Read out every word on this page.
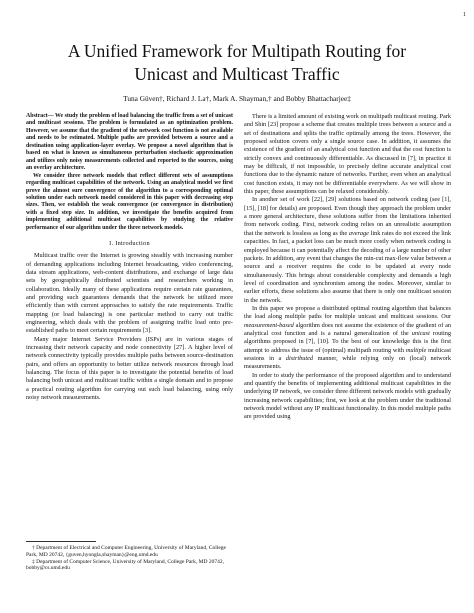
1
A Unified Framework for Multipath Routing for
Unicast and Multicast Traffic
Tuna Güven†, Richard J. La†, Mark A. Shayman,† and Bobby Bhattacharjee‡

Abstract— We study the problem of load balancing the traffic from a set of unicast and multicast sessions. The problem is formulated as an optimization problem. However, we assume that the gradient of the network cost function is not available and needs to be estimated. Multiple paths are provided between a source and a destination using application-layer overlay. We propose a novel algorithm that is based on what is known as simultaneous perturbation stochastic approximation and utilizes only noisy measurements collected and reported to the sources, using an overlay architecture.

We consider three network models that reflect different sets of assumptions regarding multicast capabilities of the network. Using an analytical model we first prove the almost sure convergence of the algorithm to a corresponding optimal solution under each network model considered in this paper with decreasing step sizes. Then, we establish the weak convergence (or convergence in distribution) with a fixed step size. In addition, we investigate the benefits acquired from implementing additional multicast capabilities by studying the relative performance of our algorithm under the three network models.

I. Introduction

Multicast traffic over the Internet is growing steadily with increasing number of demanding applications including Internet broadcasting, video conferencing, data stream applications, web-content distributions, and exchange of large data sets by geographically distributed scientists and researchers working in collaboration. Ideally many of these applications require certain rate guarantees, and providing such guarantees demands that the network be utilized more efficiently than with current approaches to satisfy the rate requirements. Traffic mapping (or load balancing) is one particular method to carry out traffic engineering, which deals with the problem of assigning traffic load onto pre-established paths to meet certain requirements [3].

Many major Internet Service Providers (ISPs) are in various stages of increasing their network capacity and node connectivity [27]. A higher level of network connectivity typically provides multiple paths between source-destination pairs, and offers an opportunity to better utilize network resources through load balancing. The focus of this paper is to investigate the potential benefits of load balancing both unicast and multicast traffic within a single domain and to propose a practical routing algorithm for carrying out such load balancing, using only noisy network measurements.

† Department of Electrical and Computer Engineering, University of Maryland, College Park, MD 20742, {guven,hyongla,shayman}@eng.umd.edu

‡ Department of Computer Science, University of Maryland, College Park, MD 20742, bobby@cs.umd.edu

There is a limited amount of existing work on multipath multicast routing. Park and Shin [23] propose a scheme that creates multiple trees between a source and a set of destinations and splits the traffic optimally among the trees. However, the proposed solution covers only a single source case. In addition, it assumes the existence of the gradient of an analytical cost function and that the cost function is strictly convex and continuously differentiable. As discussed in [7], in practice it may be difficult, if not impossible, to precisely define accurate analytical cost functions due to the dynamic nature of networks. Further, even when an analytical cost function exists, it may not be differentiable everywhere. As we will show in this paper, these assumptions can be relaxed considerably.

In another set of work [22], [29] solutions based on network coding (see [1], [15], [18] for details) are proposed. Even though they approach the problem under a more general architecture, these solutions suffer from the limitations inherited from network coding. First, network coding relies on an unrealistic assumption that the network is lossless as long as the average link rates do not exceed the link capacities. In fact, a packet loss can be much more costly when network coding is employed because it can potentially affect the decoding of a large number of other packets. In addition, any event that changes the min-cut max-flow value between a source and a receiver requires the code to be updated at every node simultaneously. This brings about considerable complexity and demands a high level of coordination and synchronism among the nodes. Moreover, similar to earlier efforts, these solutions also assume that there is only one multicast session in the network.

In this paper we propose a distributed optimal routing algorithm that balances the load along multiple paths for multiple unicast and multicast sessions. Our measurement-based algorithm does not assume the existence of the gradient of an analytical cost function and is a natural generalization of the unicast routing algorithms proposed in [7], [10]. To the best of our knowledge this is the first attempt to address the issue of (optimal) multipath routing with multiple multicast sessions in a distributed manner, while relying only on (local) network measurements.

In order to study the performance of the proposed algorithm and to understand and quantify the benefits of implementing additional multicast capabilities in the underlying IP network, we consider three different network models with gradually increasing network capabilities; first, we look at the problem under the traditional network model without any IP multicast functionality. In this model multiple paths are provided using
